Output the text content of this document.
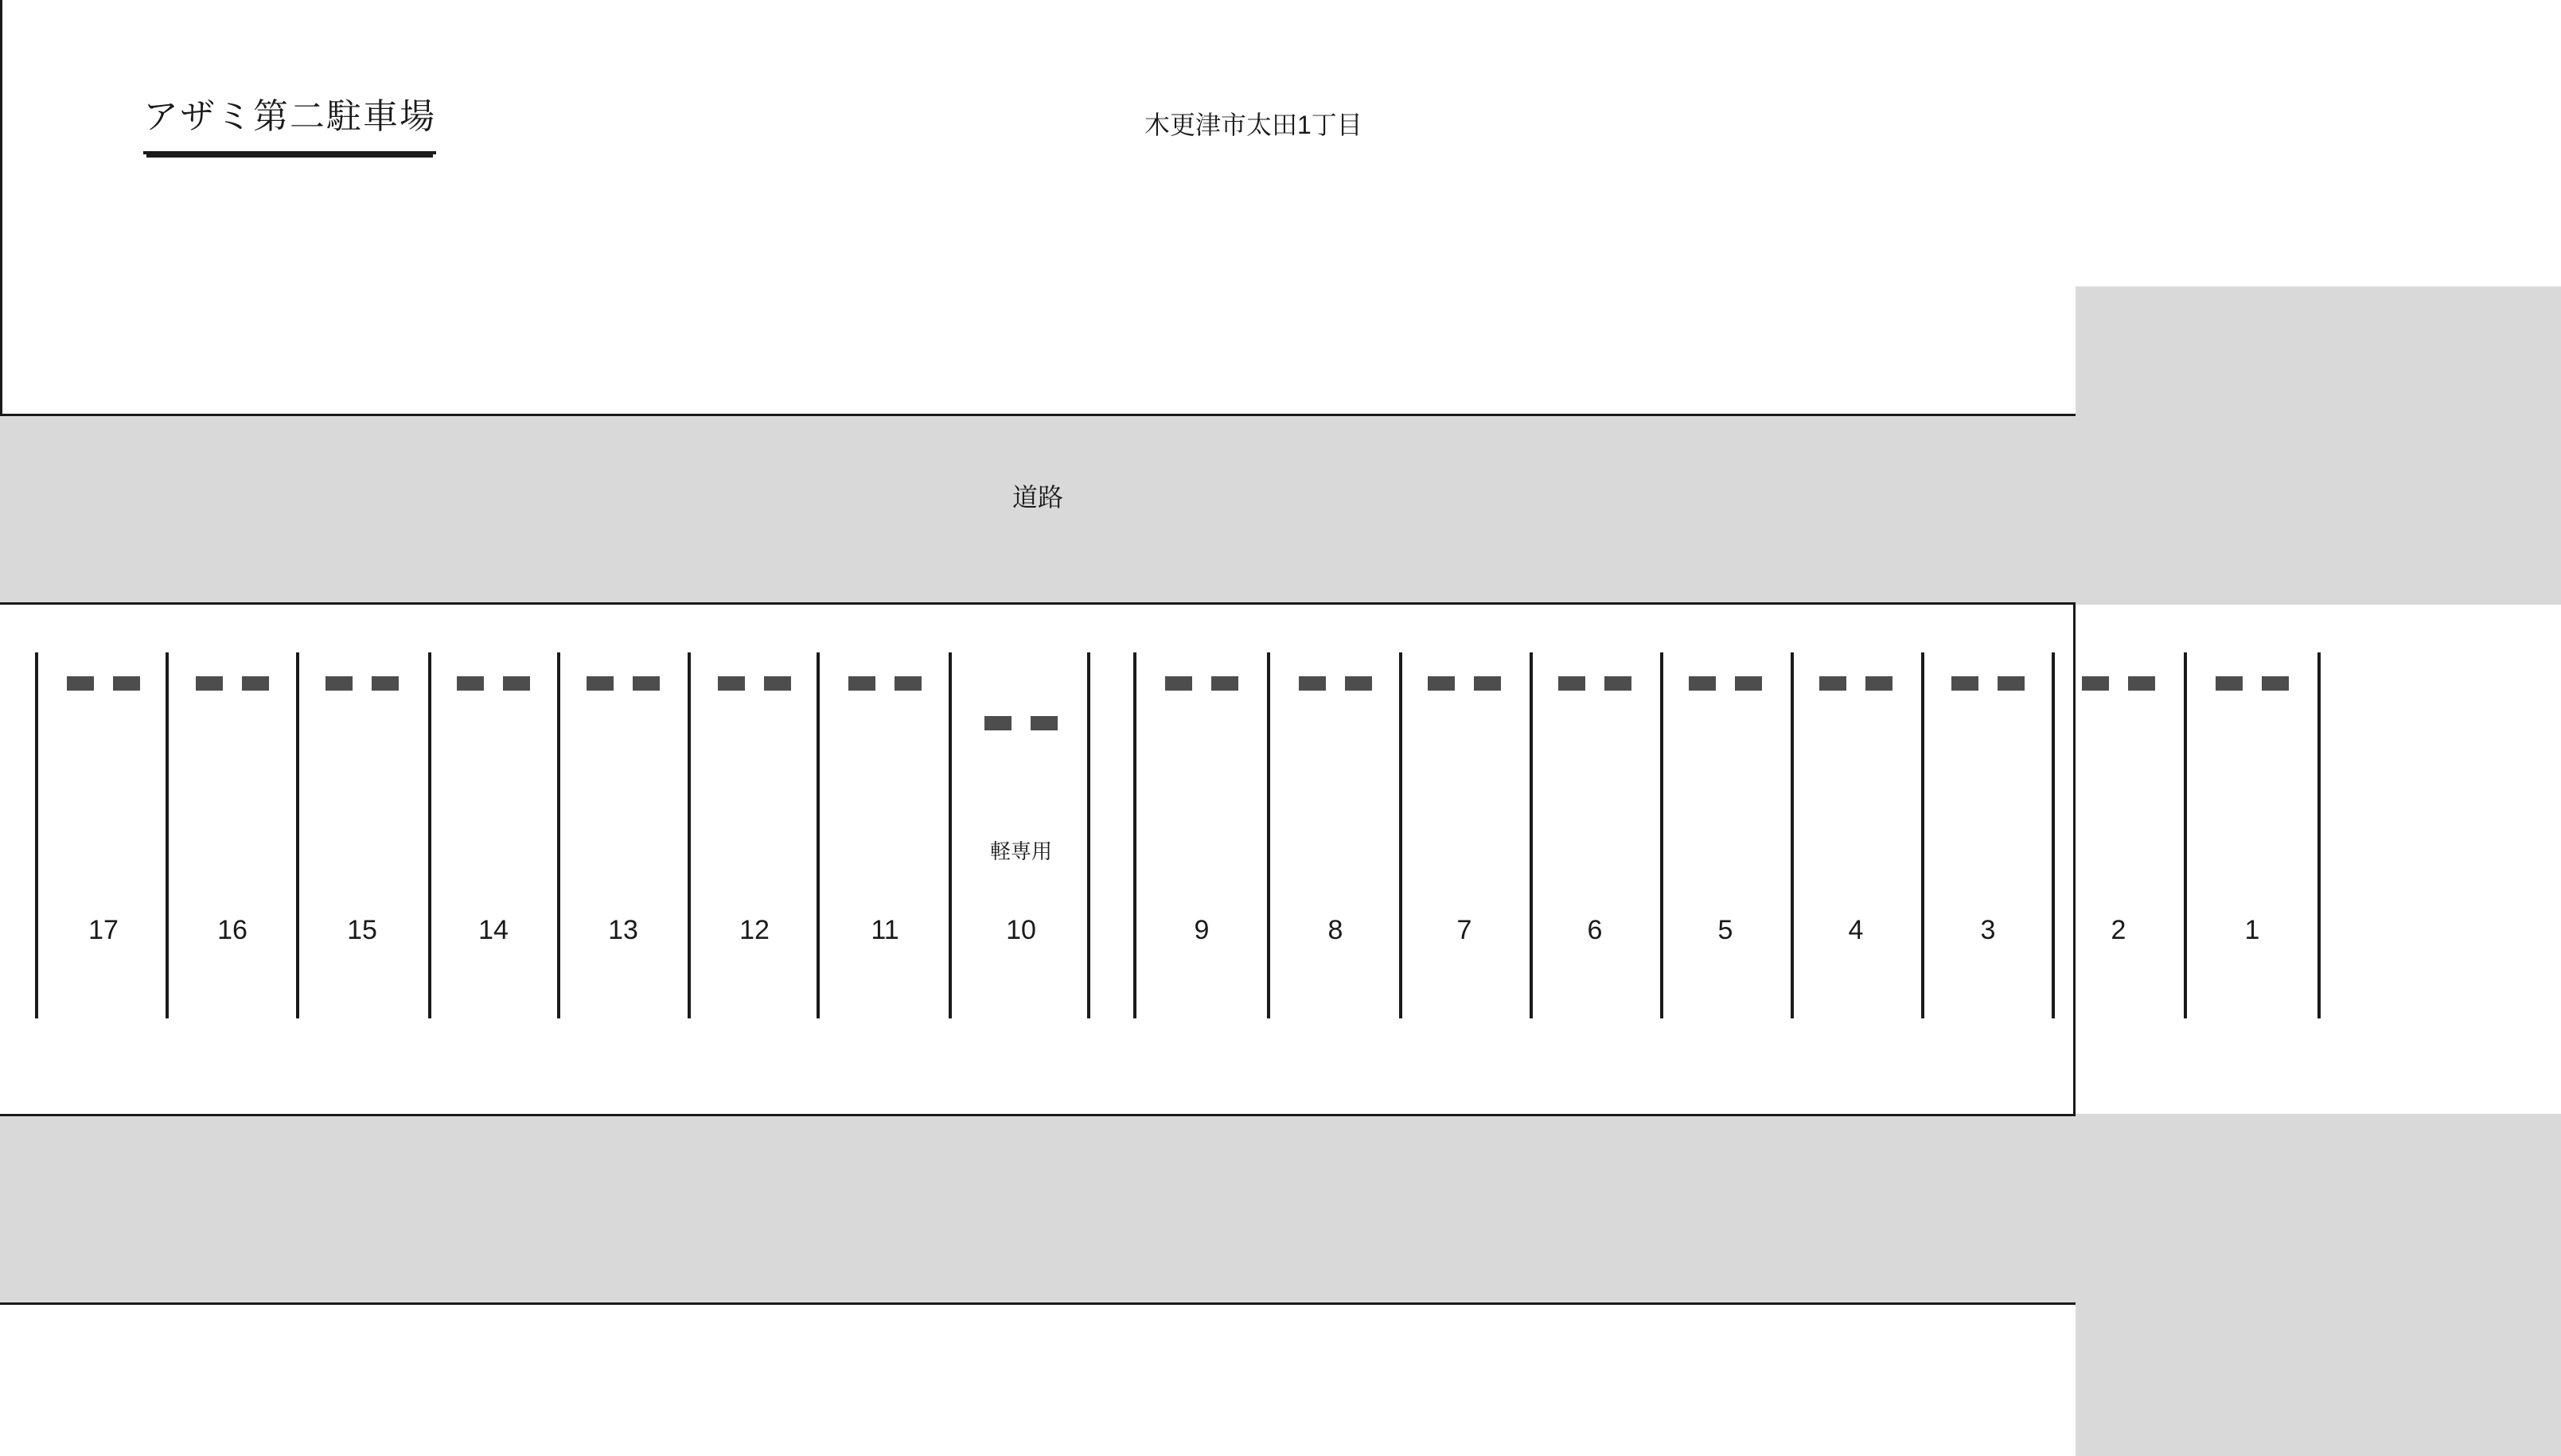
アザミ第二駐車場	木更津市太田1丁目
道路
17	16	15	14	13	12	11	10
軽専用
9	8	7	6	5	4	3	2	1
